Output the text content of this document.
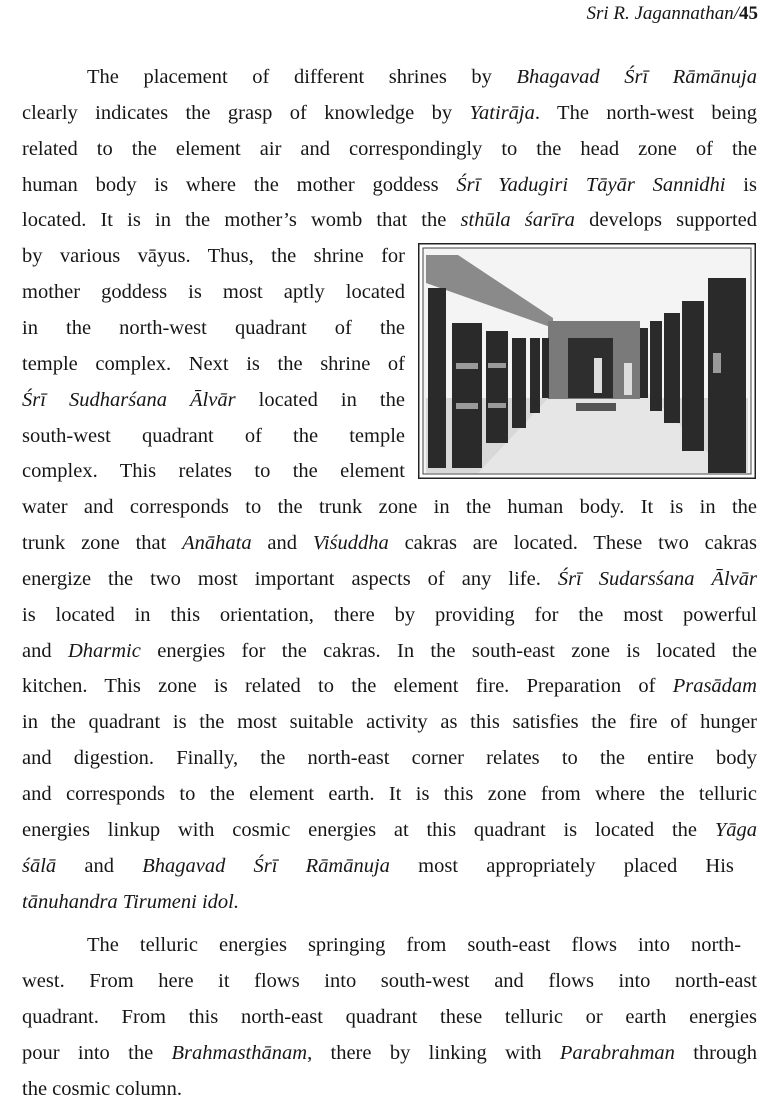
Sri R. Jagannathan/45
The placement of different shrines by Bhagavad Śrī Rāmānuja
clearly indicates the grasp of knowledge by Yatirāja. The north-west being
related to the element air and correspondingly to the head zone of the
human body is where the mother goddess Śrī Yadugiri Tāyār Sannidhi is
located. It is in the mother’s womb that the sthūla śarīra develops supported
by various vāyus. Thus, the shrine for
mother goddess is most aptly located
in the north-west quadrant of the
temple complex. Next is the shrine of
Śrī Sudharśana Ālvār located in the
south-west quadrant of the temple
complex. This relates to the element
water and corresponds to the trunk zone in the human body. It is in the
trunk zone that Anāhata and Viśuddha cakras are located. These two cakras
energize the two most important aspects of any life. Śrī Sudarsśana Ālvār
is located in this orientation, there by providing for the most powerful
and Dharmic energies for the cakras. In the south-east zone is located the
kitchen. This zone is related to the element fire. Preparation of Prasādam
in the quadrant is the most suitable activity as this satisfies the fire of hunger
and digestion. Finally, the north-east corner relates to the entire body
and corresponds to the element earth. It is this zone from where the telluric
energies linkup with cosmic energies at this quadrant is located the Yāga
śālā and Bhagavad Śrī Rāmānuja most appropriately placed His
tānuhandra Tirumeni idol.
The telluric energies springing from south-east flows into north-
west. From here it flows into south-west and flows into north-east
quadrant. From this north-east quadrant these telluric or earth energies
pour into the Brahmasthānam, there by linking with Parabrahman through
the cosmic column.
